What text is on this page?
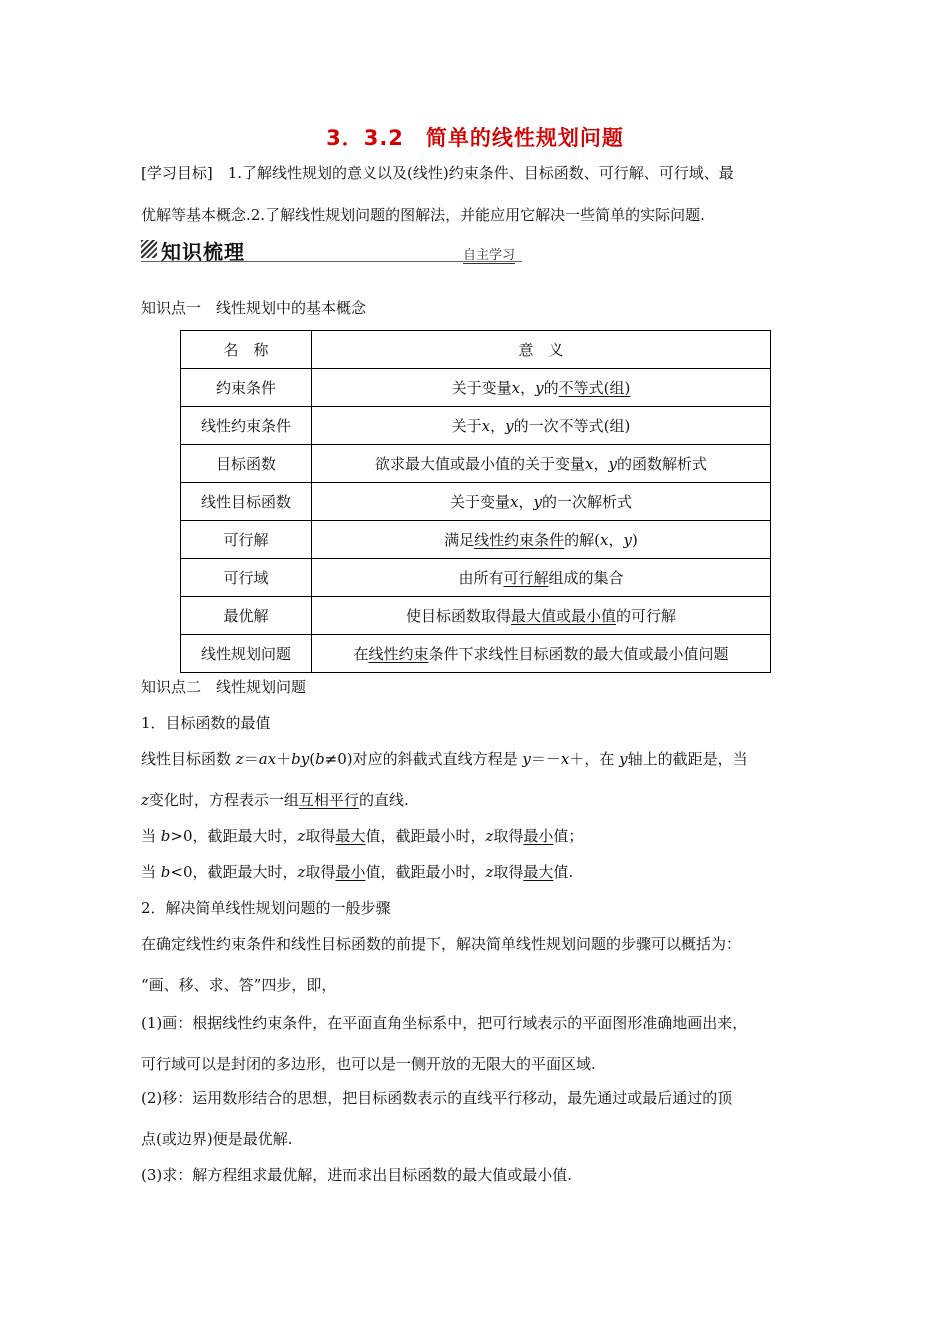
3．3.2　简单的线性规划问题
[学习目标]　1.了解线性规划的意义以及(线性)约束条件、目标函数、可行解、可行域、最
优解等基本概念.2.了解线性规划问题的图解法，并能应用它解决一些简单的实际问题.
知识梳理	自主学习
知识点一　线性规划中的基本概念
名　称	意　义
约束条件	关于变量x，y的不等式(组)
线性约束条件	关于x，y的一次不等式(组)
目标函数	欲求最大值或最小值的关于变量x，y的函数解析式
线性目标函数	关于变量x，y的一次解析式
可行解	满足线性约束条件的解(x，y)
可行域	由所有可行解组成的集合
最优解	使目标函数取得最大值或最小值的可行解
线性规划问题	在线性约束条件下求线性目标函数的最大值或最小值问题
知识点二　线性规划问题
1．目标函数的最值
线性目标函数 z＝ax＋by(b≠0)对应的斜截式直线方程是 y＝－x＋，在 y轴上的截距是，当
z变化时，方程表示一组互相平行的直线.
当 b>0，截距最大时，z取得最大值，截距最小时，z取得最小值；
当 b<0，截距最大时，z取得最小值，截距最小时，z取得最大值.
2．解决简单线性规划问题的一般步骤
在确定线性约束条件和线性目标函数的前提下，解决简单线性规划问题的步骤可以概括为：
“画、移、求、答”四步，即，
(1)画：根据线性约束条件，在平面直角坐标系中，把可行域表示的平面图形准确地画出来，
可行域可以是封闭的多边形，也可以是一侧开放的无限大的平面区域.
(2)移：运用数形结合的思想，把目标函数表示的直线平行移动，最先通过或最后通过的顶
点(或边界)便是最优解.
(3)求：解方程组求最优解，进而求出目标函数的最大值或最小值.
